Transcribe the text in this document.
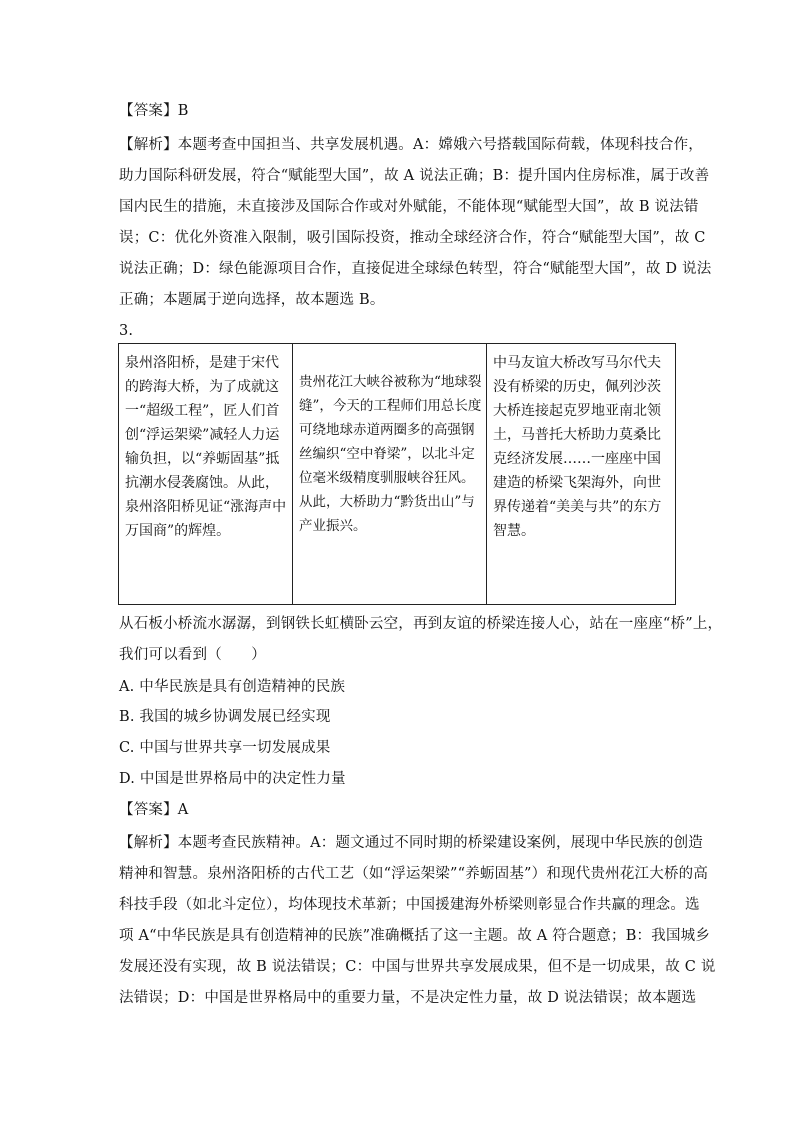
【答案】B
【解析】本题考查中国担当、共享发展机遇。A：嫦娥六号搭载国际荷载，体现科技合作，
助力国际科研发展，符合“赋能型大国”，故 A 说法正确；B：提升国内住房标准，属于改善
国内民生的措施，未直接涉及国际合作或对外赋能，不能体现“赋能型大国”，故 B 说法错
误；C：优化外资准入限制，吸引国际投资，推动全球经济合作，符合“赋能型大国”，故 C
说法正确；D：绿色能源项目合作，直接促进全球绿色转型，符合“赋能型大国”，故 D 说法
正确；本题属于逆向选择，故本题选 B。
3.
泉州洛阳桥，是建于宋代的跨海大桥，为了成就这一“超级工程”，匠人们首创“浮运架梁”减轻人力运输负担，以“养蛎固基”抵抗潮水侵袭腐蚀。从此，泉州洛阳桥见证“涨海声中万国商”的辉煌。	贵州花江大峡谷被称为“地球裂缝”，今天的工程师们用总长度可绕地球赤道两圈多的高强钢丝编织“空中脊梁”，以北斗定位毫米级精度驯服峡谷狂风。从此，大桥助力“黔货出山”与产业振兴。	中马友谊大桥改写马尔代夫没有桥梁的历史，佩列沙茨大桥连接起克罗地亚南北领土，马普托大桥助力莫桑比克经济发展……一座座中国建造的桥梁飞架海外，向世界传递着“美美与共”的东方智慧。
从石板小桥流水潺潺，到钢铁长虹横卧云空，再到友谊的桥梁连接人心，站在一座座“桥”上，
我们可以看到（　　）
A. 中华民族是具有创造精神的民族
B. 我国的城乡协调发展已经实现
C. 中国与世界共享一切发展成果
D. 中国是世界格局中的决定性力量
【答案】A
【解析】本题考查民族精神。A：题文通过不同时期的桥梁建设案例，展现中华民族的创造
精神和智慧。泉州洛阳桥的古代工艺（如“浮运架梁”“养蛎固基”）和现代贵州花江大桥的高
科技手段（如北斗定位），均体现技术革新；中国援建海外桥梁则彰显合作共赢的理念。选
项 A“中华民族是具有创造精神的民族”准确概括了这一主题。故 A 符合题意；B：我国城乡
发展还没有实现，故 B 说法错误；C：中国与世界共享发展成果，但不是一切成果，故 C 说
法错误；D：中国是世界格局中的重要力量，不是决定性力量，故 D 说法错误；故本题选
